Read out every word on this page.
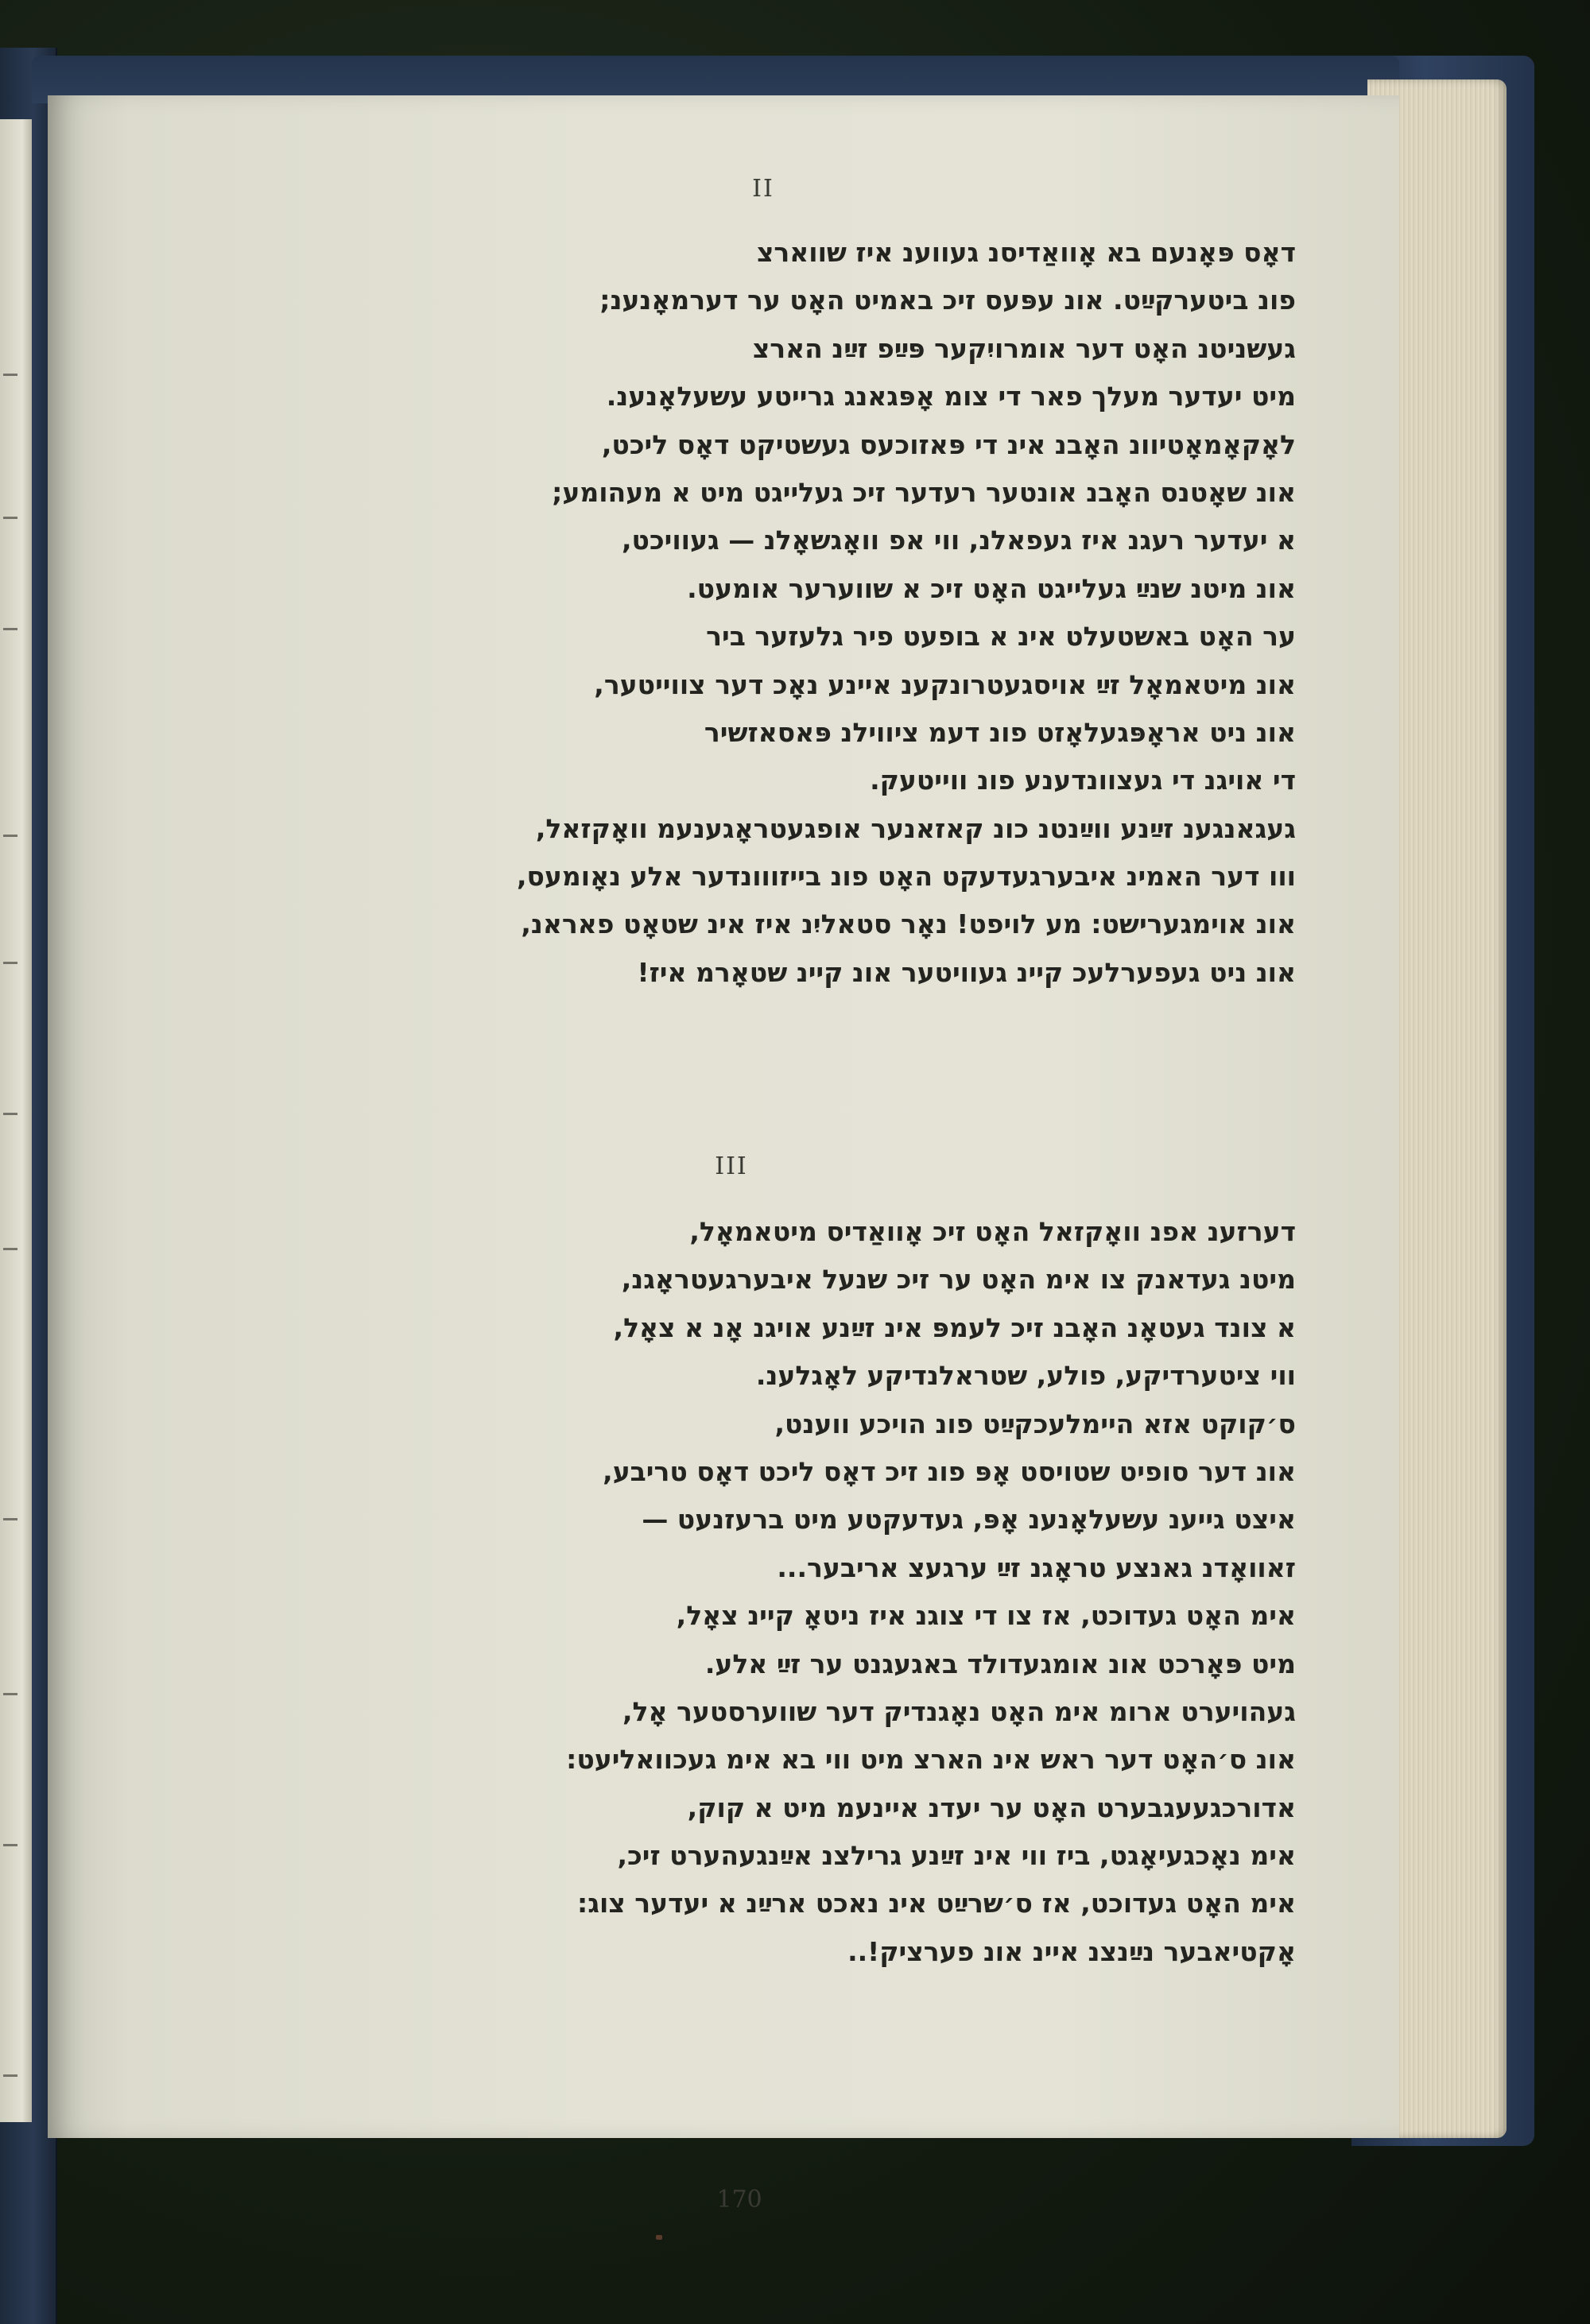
II
דאָס פּאָנעם בא אָוואַדיסנ געווענ איז שווארצ
פונ ביטערקײַט. אונ עפּעס זיכ באמיט האָט ער דערמאָנענ;
געשניטנ האָט דער אומרויִקער פּײַפ זײַנ הארצ
מיט יעדער מעלך פאר די צומ אָפּגאנג גרייטע עשעלאָנענ.
לאָקאָמאָטיוונ האָבנ אינ די פּאזוכעס געשטיקט דאָס ליכט,
אונ שאָטנס האָבנ אונטער רעדער זיכ געלייגט מיט א מעהומע;
א יעדער רעגנ איז געפאלנ, ווי אפ וואָגשאָלנ — געוויכט,
אונ מיטנ שנײַ געלייגט האָט זיכ א שווערער אומעט.
ער האָט באשטעלט אינ א בופעט פיר גלעזער ביר
אונ מיטאמאָל זײַ אויסגעטרונקענ איינע נאָכ דער צווייטער,
אונ ניט אראָפּגעלאָזט פונ דעמ ציווילנ פּאסאזשיר
די אויגנ די געצוונדענע פונ ווייטעק.
געגאנגענ זײַנע ווײַנטנ כונ קאזאנער אופגעטראָגענעמ וואָקזאל,
ווו דער האמינ איבערגעדעקט האָט פונ בייזווונדער אלע נאָומעס,
אונ אוימגערישט: מע לויפט! נאָר סטאליִנ איז אינ שטאָט פאראנ,
אונ ניט געפערלעכ קיינ געוויטער אונ קיינ שטאָרמ איז!
III
דערזענ אפנ וואָקזאל האָט זיכ אָוואַדיס מיטאמאָל,
מיטנ געדאנק צו אימ האָט ער זיכ שנעל איבערגעטראָגנ,
א צונד געטאָנ האָבנ זיכ לעמפּ אינ זײַנע אויגנ אָנ א צאָל,
ווי ציטערדיקע, פולע, שטראלנדיקע לאָגלענ.
ס׳קוקט אזא היימלעכקײַט פונ הויכע ווענט,
אונ דער סופיט שטויסט אָפּ פונ זיכ דאָס ליכט דאָס טריבע,
איצט גייענ עשעלאָנענ אָפּ, געדעקטע מיט ברעזנעט —
זאוואָדנ גאנצע טראָגנ זײַ ערגעצ אריבער...
אימ האָט געדוכט, אז צו די צוגנ איז ניטאָ קיינ צאָל,
מיט פּאָרכט אונ אומגעדולד באגעגנט ער זײַ אלע.
געהויערט ארומ אימ האָט נאָגנדיק דער שווערסטער אָל,
אונ ס׳האָט דער ראש אינ הארצ מיט ווי בא אימ געכוואליעט:
אדורכגעעגבערט האָט ער יעדנ איינעמ מיט א קוק,
אימ נאָכגעיאָגט, ביז ווי אינ זײַנע גרילצנ אײַנגעהערט זיכ,
אימ האָט געדוכט, אז ס׳שרײַט אינ נאכט ארײַנ א יעדער צוג:
אָקטיאבער נײַנצנ איינ אונ פערציק!..
170
